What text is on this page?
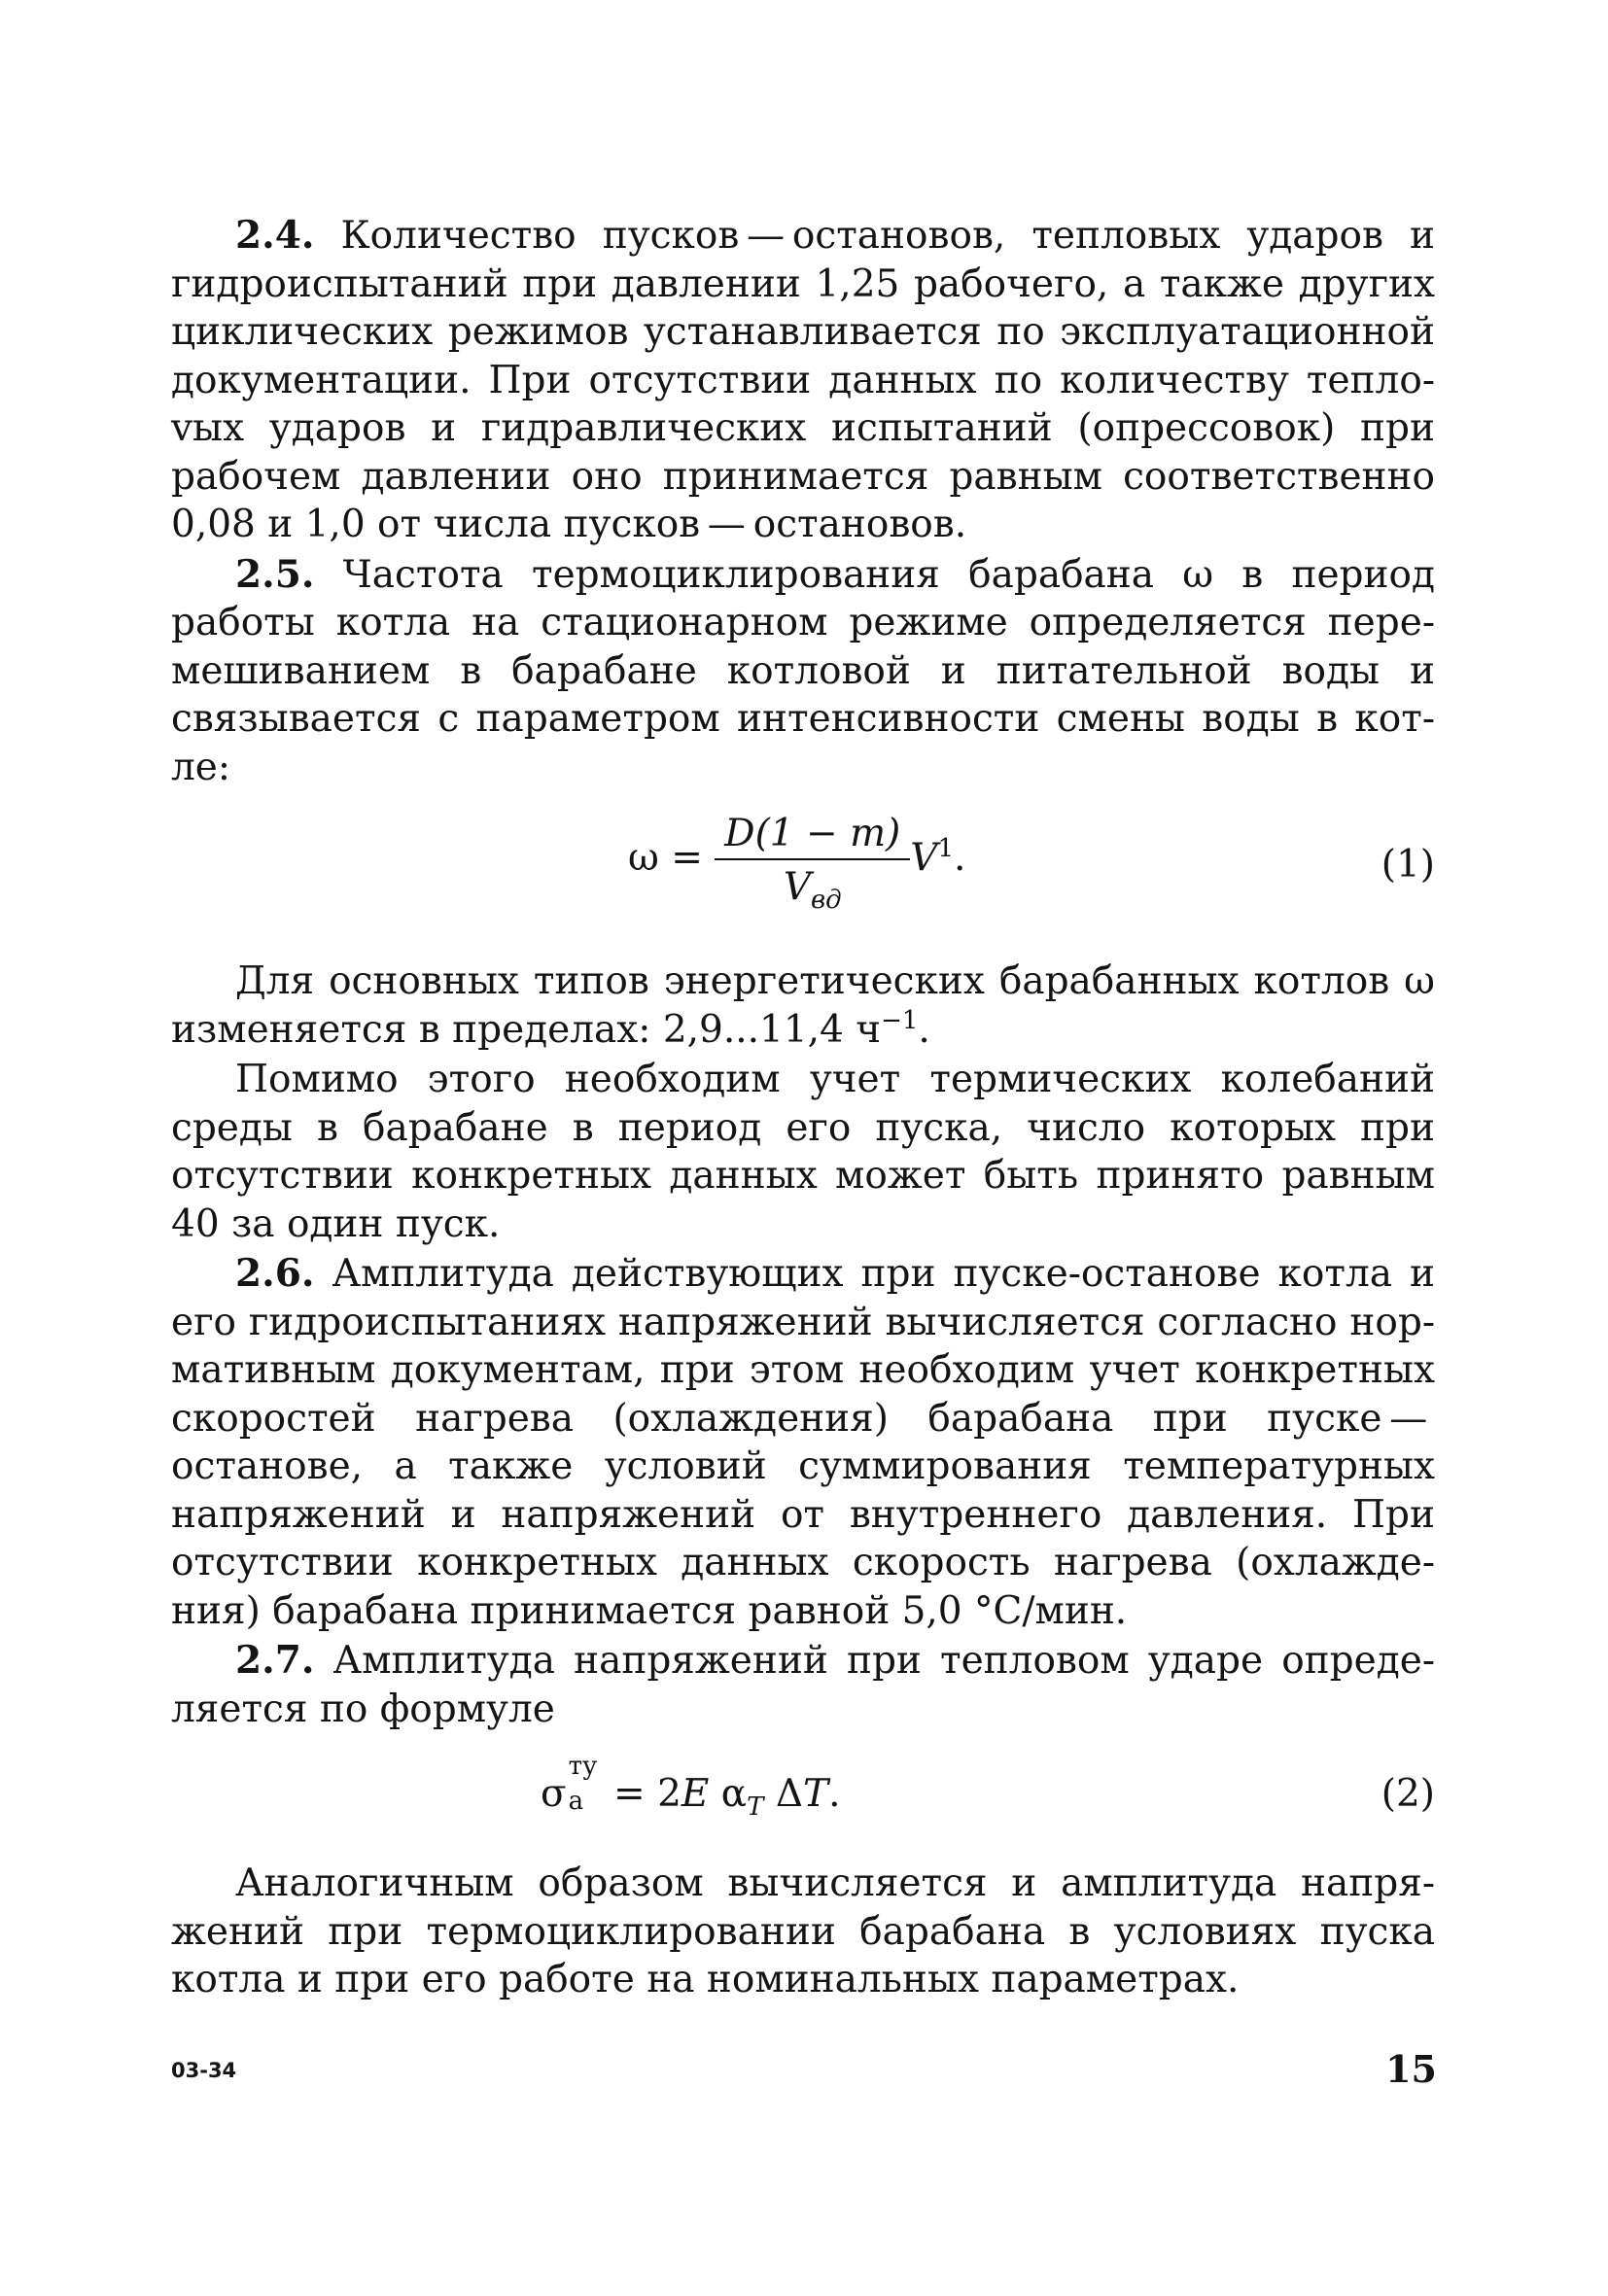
2.4. Количество пусков — остановов, тепловых ударов и гидроиспытаний при давлении 1,25 рабочего, а также других циклических режимов устанавливается по эксплуатационной документации. При отсутствии данных по количеству теплоvых ударов и гидравлических испытаний (опрессовок) при рабочем давлении оно принимается равным соответственно 0,08 и 1,0 от числа пусков — остановов.

2.5. Частота термоциклирования барабана ω в период работы котла на стационарном режиме определяется перемешиванием в барабане котловой и питательной воды и связывается с параметром интенсивности смены воды в котле:

$\omega = \frac{D(1 - m)}{V_{вд}} V^1$.	(1)

Для основных типов энергетических барабанных котлов ω изменяется в пределах: 2,9...11,4 $ч^{-1}$.

Помимо этого необходим учет термических колебаний среды в барабане в период его пуска, число которых при отсутствии конкретных данных может быть принято равным 40 за один пуск.

2.6. Амплитуда действующих при пуске-останове котла и его гидроиспытаниях напряжений вычисляется согласно нормативным документам, при этом необходим учет конкретных скоростей нагрева (охлаждения) барабана при пуске — останове, а также условий суммирования температурных напряжений и напряжений от внутреннего давления. При отсутствии конкретных данных скорость нагрева (охлаждения) барабана принимается равной 5,0 °С/мин.

2.7. Амплитуда напряжений при тепловом ударе определяется по формуле

σ
ту
а = 2E $\alpha_T$ ΔT.	(2)

Аналогичным образом вычисляется и амплитуда напряжений при термоциклировании барабана в условиях пуска котла и при его работе на номинальных параметрах.

03-34	15
